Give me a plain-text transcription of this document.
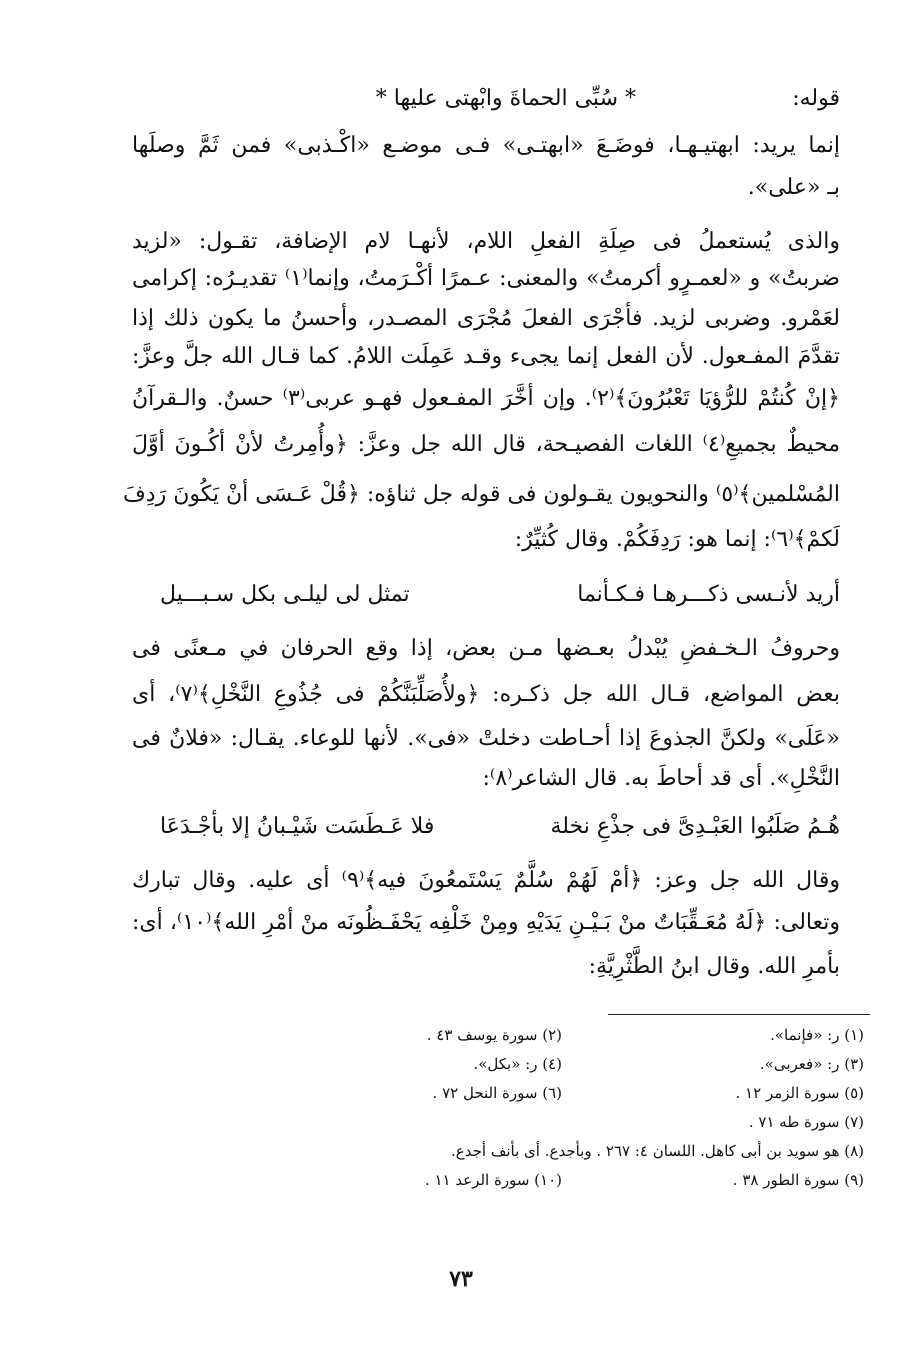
قوله:
* سُبِّى الحماةَ وابْهتى عليها *
إنما يريد: ابهتيـهـا، فوضَـعَ «ابهتـى» فـى موضـع «اكْـذبى» فمن ثَمَّ وصلَها
بـ «على».
والذى يُستعملُ فى صِلَةِ الفعلِ اللام، لأنهـا لام الإضافة، تقـول: «لزيد
ضربتُ» و «لعمـرٍو أكرمتُ» والمعنى: عـمرًا أكْـرَمتُ، وإنما⁽١⁾ تقديـرُه: إكرامى
لعَمْرو. وضربى لزيد. فأجْرَى الفعلَ مُجْرَى المصـدر، وأحسنُ ما يكون ذلك إذا
تقدَّمَ المفـعول. لأن الفعل إنما يجىء وقـد عَمِلَت اللامُ. كما قـال الله جلَّ وعزَّ:
﴿إنْ كُنتُمْ للرُّؤيَا تَعْبُرُونَ﴾⁽٢⁾. وإن أخَّرَ المفـعول فهـو عربى⁽٣⁾ حسنٌ. والـقرآنُ
محيطٌ بجميعِ⁽٤⁾ اللغات الفصيـحة، قال الله جل وعزَّ: ﴿وأُمِرتُ لأنْ أكُـونَ أوَّلَ
المُسْلمين﴾⁽٥⁾ والنحويون يقـولون فى قوله جل ثناؤه: ﴿قُلْ عَـسَى أنْ يَكُونَ رَدِفَ
لَكمْ﴾⁽٦⁾: إنما هو: رَدِفَكُمْ. وقال كُثيِّرٌ:
أريد لأنـسى ذكـــرهـا فـكـأنما
تمثل لى ليلـى بكل سـبـــيل
وحروفُ الـخـفضِ يُبْدلُ بعـضها مـن بعض، إذا وقع الحرفان في مـعنًى فى
بعض المواضع، قـال الله جل ذكـره: ﴿ولأُصَلِّبَنَّكُمْ فى جُذُوعِ النَّخْلِ﴾⁽٧⁾، أى
«عَلَى» ولكنَّ الجذوعَ إذا أحـاطت دخلتْ «فى». لأنها للوعاء. يقـال: «فلانٌ فى
النَّخْلِ». أى قد أحاطَ به. قال الشاعر⁽٨⁾:
هُـمُ صَلَبُوا العَبْـدِىَّ فى جذْعِ نخلة
فلا عَـطَسَت شَيْـبانُ إلا بأجْـدَعَا
وقال الله جل وعز: ﴿أمْ لَهُمْ سُلَّمٌ يَسْتَمعُونَ فيه﴾⁽٩⁾ أى عليه. وقال تبارك
وتعالى: ﴿لَهُ مُعَـقِّبَاتٌ منْ بَـيْـنِ يَدَيْهِ ومِنْ خَلْفِه يَحْفَـظُونَه منْ أمْرِ الله﴾⁽١٠⁾، أى:
بأمرِ الله. وقال ابنُ الطَّثْرِيَّةِ:
(١) ر: «فإنما».
(٢) سورة يوسف ٤٣ .
(٣) ر: «فعربى».
(٤) ر: «بكل».
(٥) سورة الزمر ١٢ .
(٦) سورة النحل ٧٢ .
(٧) سورة طه ٧١ .
(٨) هو سويد بن أبى كاهل. اللسان ٤: ٢٦٧ . وبأجدع. أى بأنف أجدع.
(٩) سورة الطور ٣٨ .
(١٠) سورة الرعد ١١ .
٧٣
